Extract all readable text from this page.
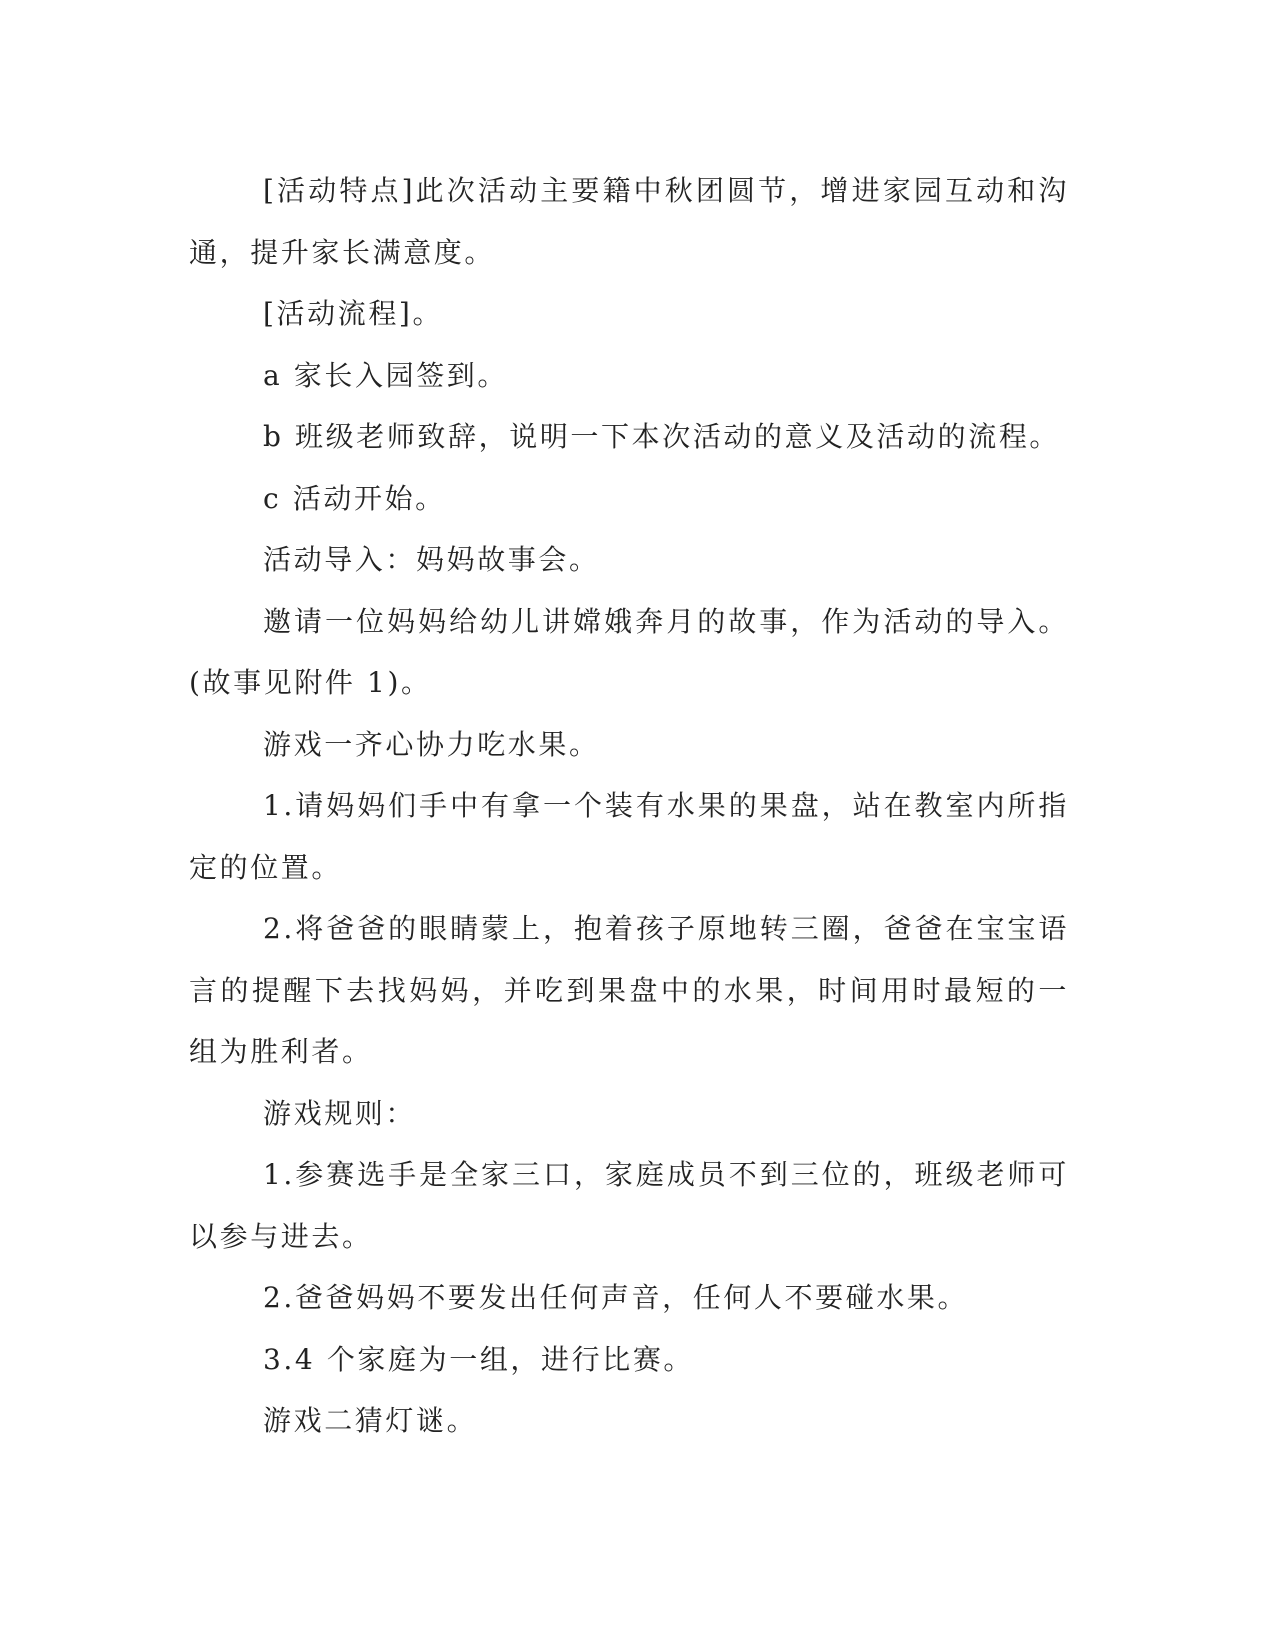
[活动特点]此次活动主要籍中秋团圆节，增进家园互动和沟通，提升家长满意度。

[活动流程]。

a 家长入园签到。

b 班级老师致辞，说明一下本次活动的意义及活动的流程。

c 活动开始。

活动导入：妈妈故事会。

邀请一位妈妈给幼儿讲嫦娥奔月的故事，作为活动的导入。(故事见附件 1)。

游戏一齐心协力吃水果。

1.请妈妈们手中有拿一个装有水果的果盘，站在教室内所指定的位置。

2.将爸爸的眼睛蒙上，抱着孩子原地转三圈，爸爸在宝宝语言的提醒下去找妈妈，并吃到果盘中的水果，时间用时最短的一组为胜利者。

游戏规则：

1.参赛选手是全家三口，家庭成员不到三位的，班级老师可以参与进去。

2.爸爸妈妈不要发出任何声音，任何人不要碰水果。

3.4 个家庭为一组，进行比赛。

游戏二猜灯谜。
